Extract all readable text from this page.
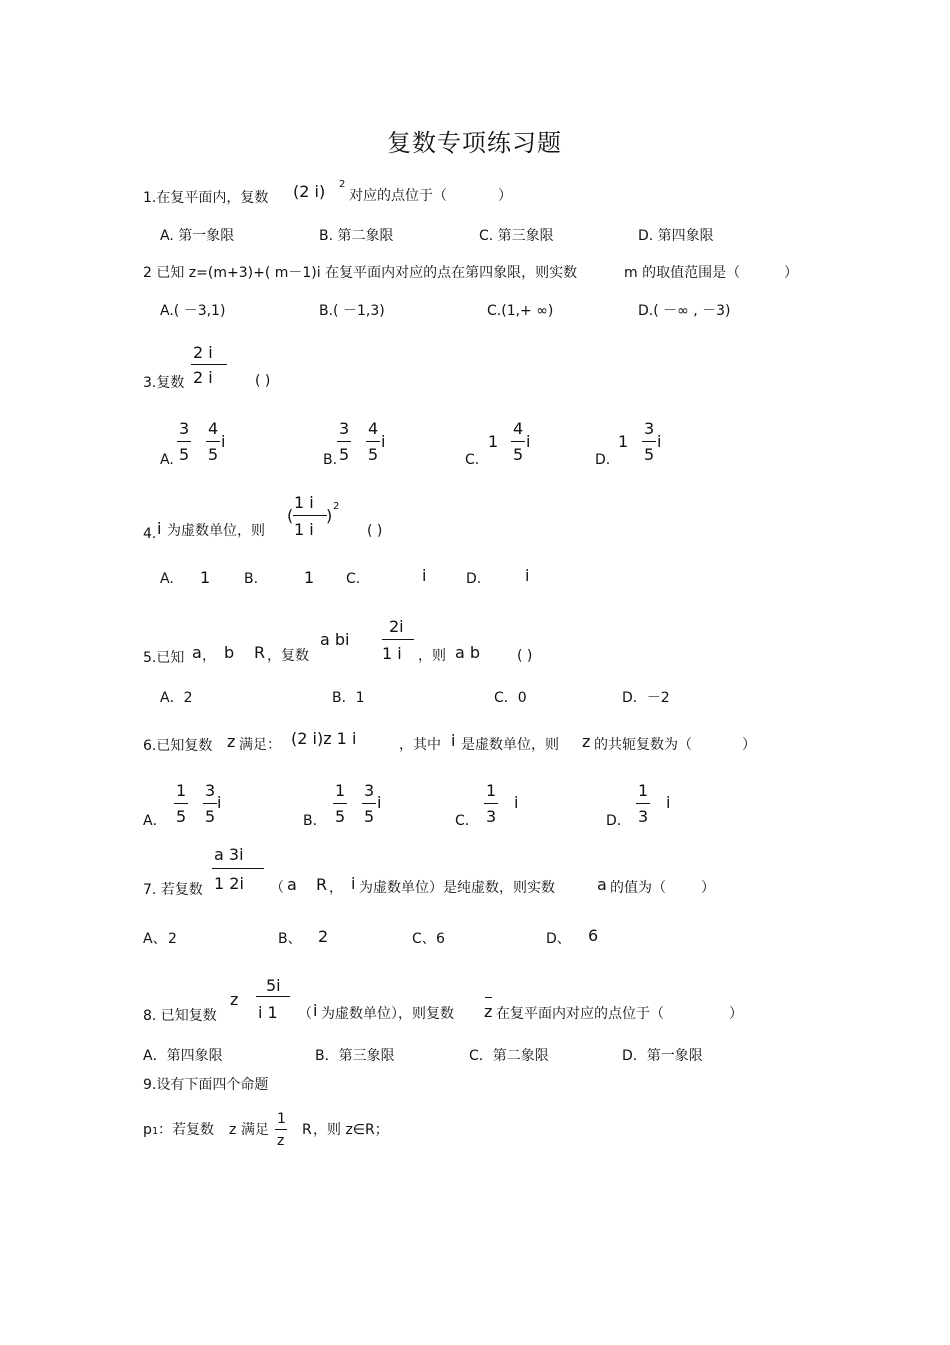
复数专项练习题
1.在复平面内，复数 (2 i) 2
对应的点位于（	）
A. 第一象限	B. 第二象限	C. 第三象限	D. 第四象限
2 已知 z=(m+3)+( m－1)i 在复平面内对应的点在第四象限，则实数	m 的取值范围是（	）
A.( －3,1)	B.( －1,3)	C.(1,+ ∞)	D.( －∞ , －3)
2 i
2 i
3.复数	( )
A.
3
5
4
5
i
B.
3
5
4
5
i
C.
1
4
5
i
D.
1
3
5
i
4. i 为虚数单位，则
(
1 i
1 i
) 2
( )
A. 1 B.	1 C.	i	D.	i
5.已知 a ， b R ，复数
a bi
2i
1 i ，则 a b	( )
A．2	B．1	C．0	D．－2
6.已知复数 z 满足： (2 i)z 1 i	，其中 i 是虚数单位，则 z 的共轭复数为（	）
A．
1
5
3
5
i
B．
1
5
3
5
i
C．
1
3
i
D．
1
3
i
a 3i
1 2i
7. 若复数	（ a R ， i 为虚数单位）是纯虚数，则实数	a 的值为（	）
A、 2	B、 2	C、 6	D、 6
8. 已知复数
z
5i
i 1 （ i 为虚数单位），则复数 z 在复平面内对应的点位于（	）
A．第四象限	B．第三象限	C．第二象限	D．第一象限
9.设有下面四个命题
p 1 ：若复数 z 满足
1
z
R ，则 z∈R；
